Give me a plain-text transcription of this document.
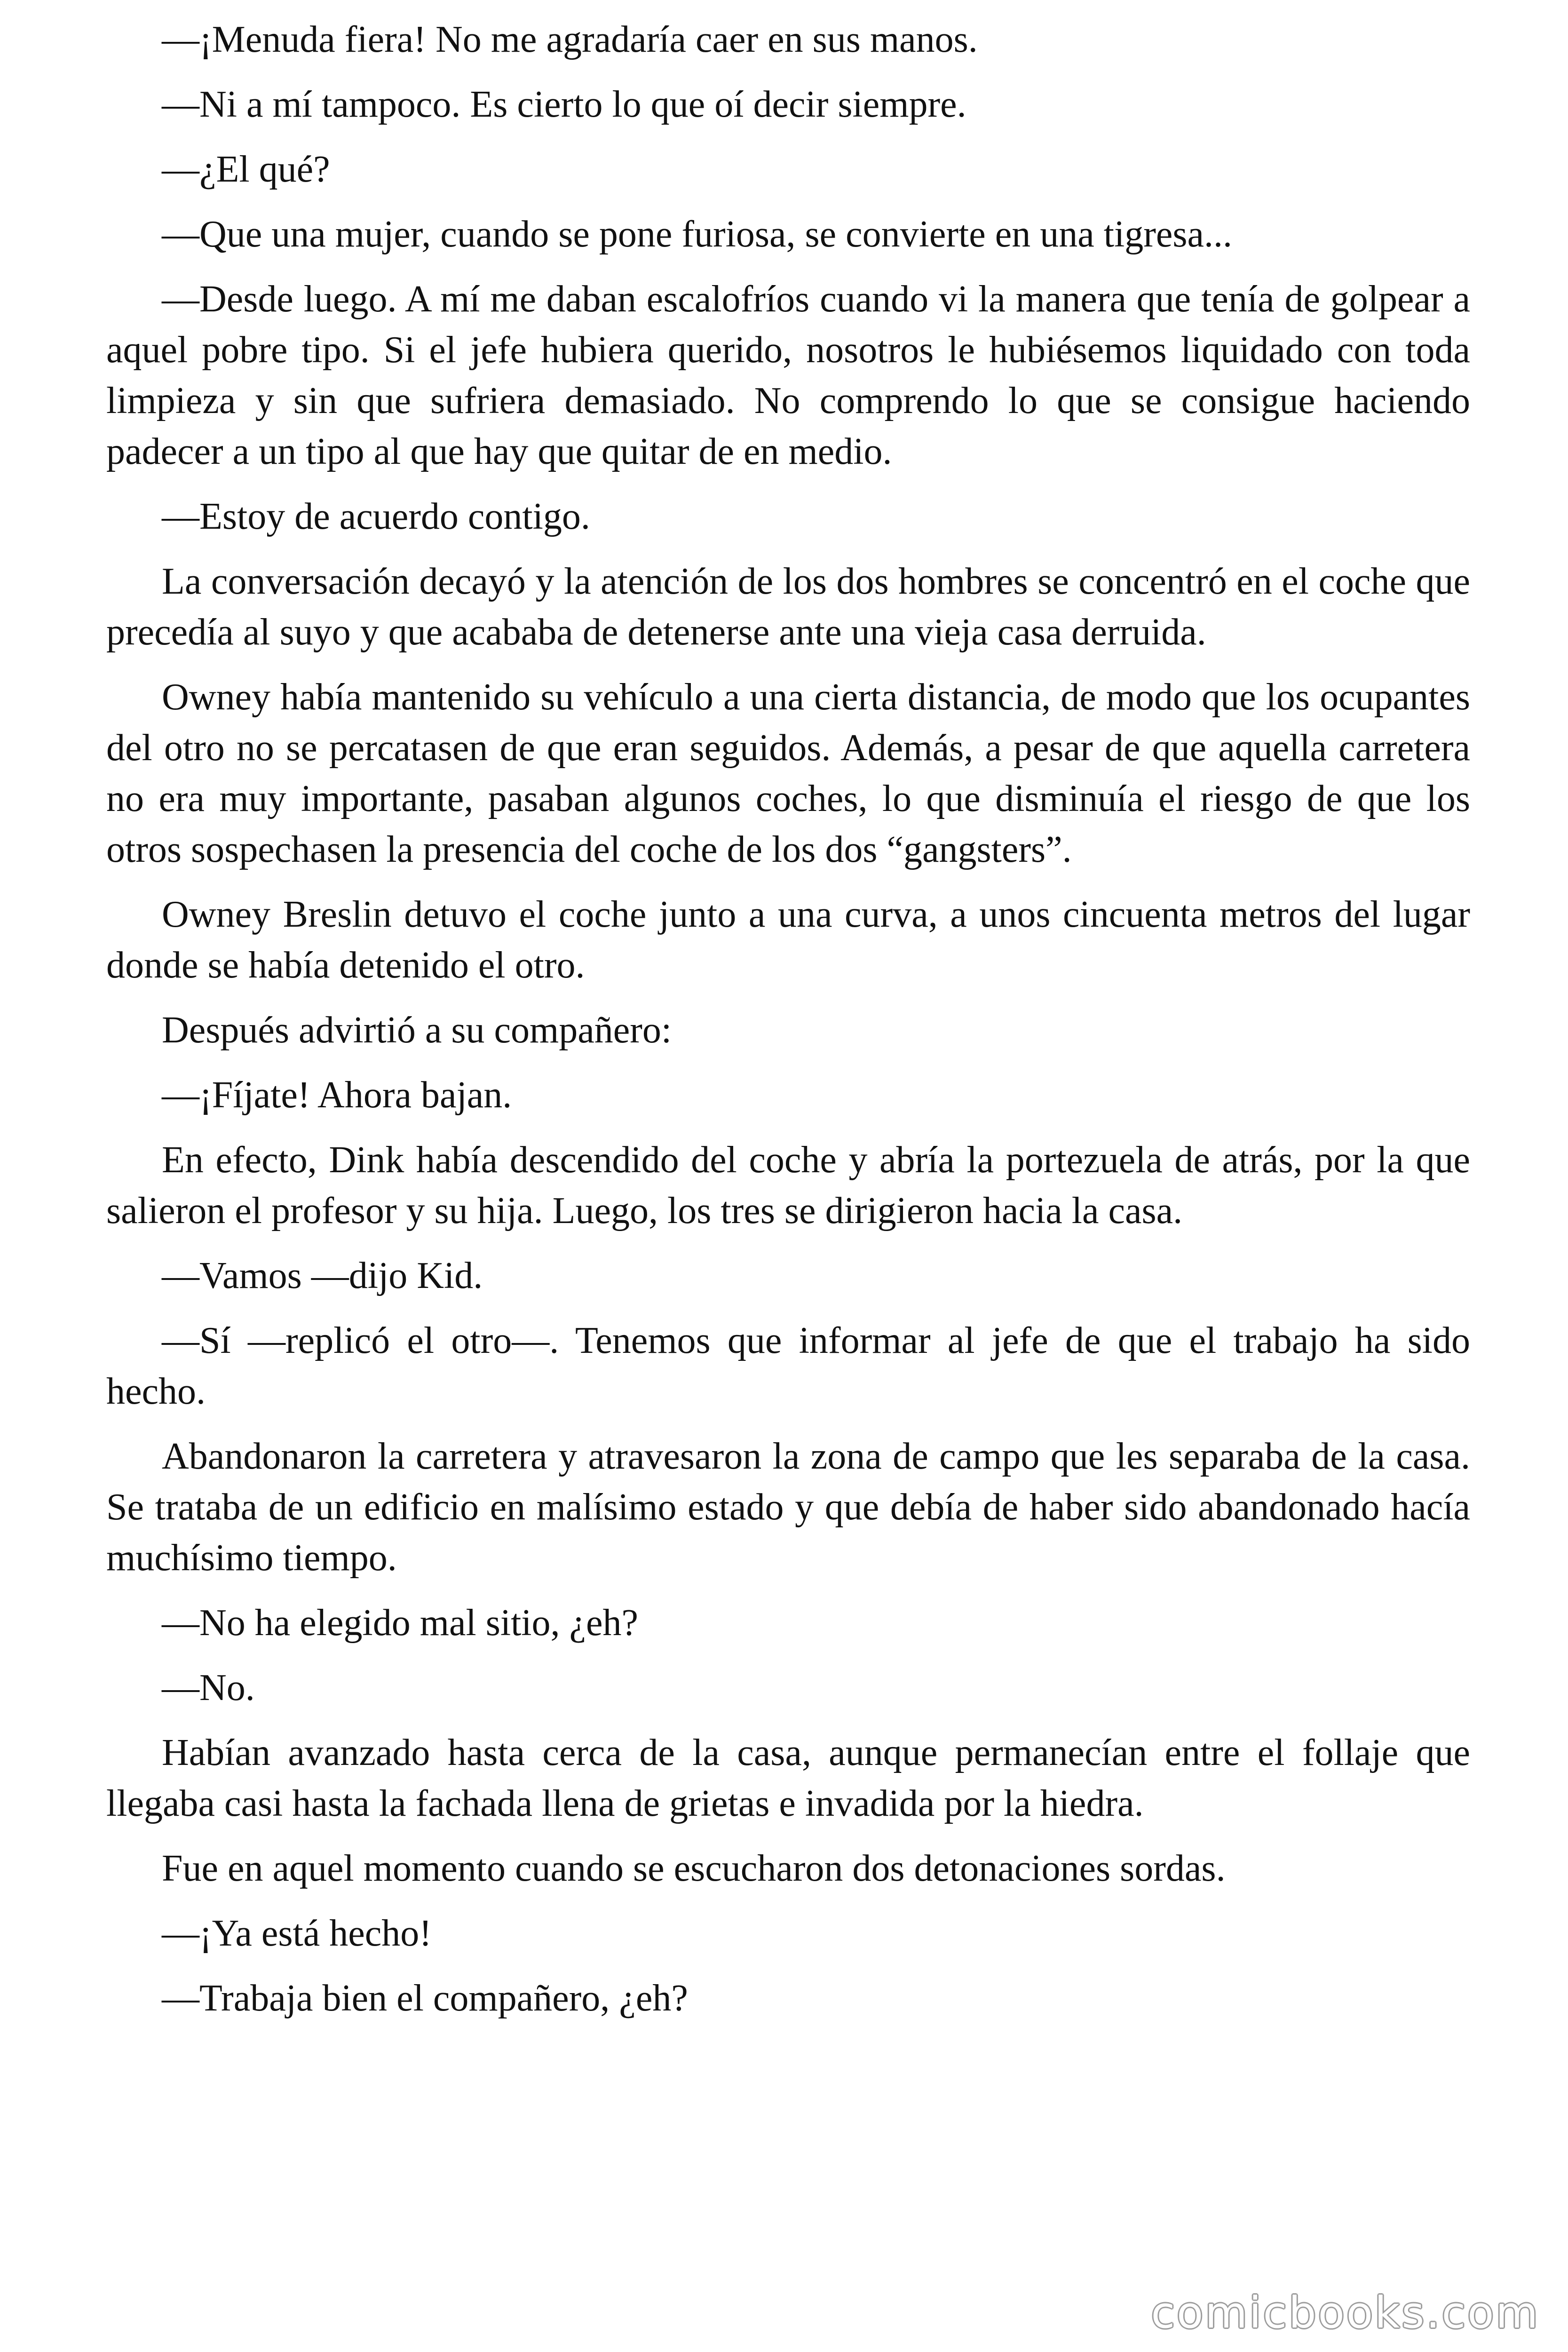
—¡Menuda fiera! No me agradaría caer en sus manos.

—Ni a mí tampoco. Es cierto lo que oí decir siempre.

—¿El qué?

—Que una mujer, cuando se pone furiosa, se convierte en una tigresa...

—Desde luego. A mí me daban escalofríos cuando vi la manera que tenía de golpear a aquel pobre tipo. Si el jefe hubiera querido, nosotros le hubiésemos liquidado con toda limpieza y sin que sufriera demasiado. No comprendo lo que se consigue haciendo padecer a un tipo al que hay que quitar de en medio.

—Estoy de acuerdo contigo.

La conversación decayó y la atención de los dos hombres se concentró en el coche que precedía al suyo y que acababa de detenerse ante una vieja casa derruida.

Owney había mantenido su vehículo a una cierta distancia, de modo que los ocupantes del otro no se percatasen de que eran seguidos. Además, a pesar de que aquella carretera no era muy importante, pasaban algunos coches, lo que disminuía el riesgo de que los otros sospechasen la presencia del coche de los dos “gangsters”.

Owney Breslin detuvo el coche junto a una curva, a unos cincuenta metros del lugar donde se había detenido el otro.

Después advirtió a su compañero:

—¡Fíjate! Ahora bajan.

En efecto, Dink había descendido del coche y abría la portezuela de atrás, por la que salieron el profesor y su hija. Luego, los tres se dirigieron hacia la casa.

—Vamos —dijo Kid.

—Sí —replicó el otro—. Tenemos que informar al jefe de que el trabajo ha sido hecho.

Abandonaron la carretera y atravesaron la zona de campo que les separaba de la casa. Se trataba de un edificio en malísimo estado y que debía de haber sido abandonado hacía muchísimo tiempo.

—No ha elegido mal sitio, ¿eh?

—No.

Habían avanzado hasta cerca de la casa, aunque permanecían entre el follaje que llegaba casi hasta la fachada llena de grietas e invadida por la hiedra.

Fue en aquel momento cuando se escucharon dos detonaciones sordas.

—¡Ya está hecho!

—Trabaja bien el compañero, ¿eh?

comicbooks.com
